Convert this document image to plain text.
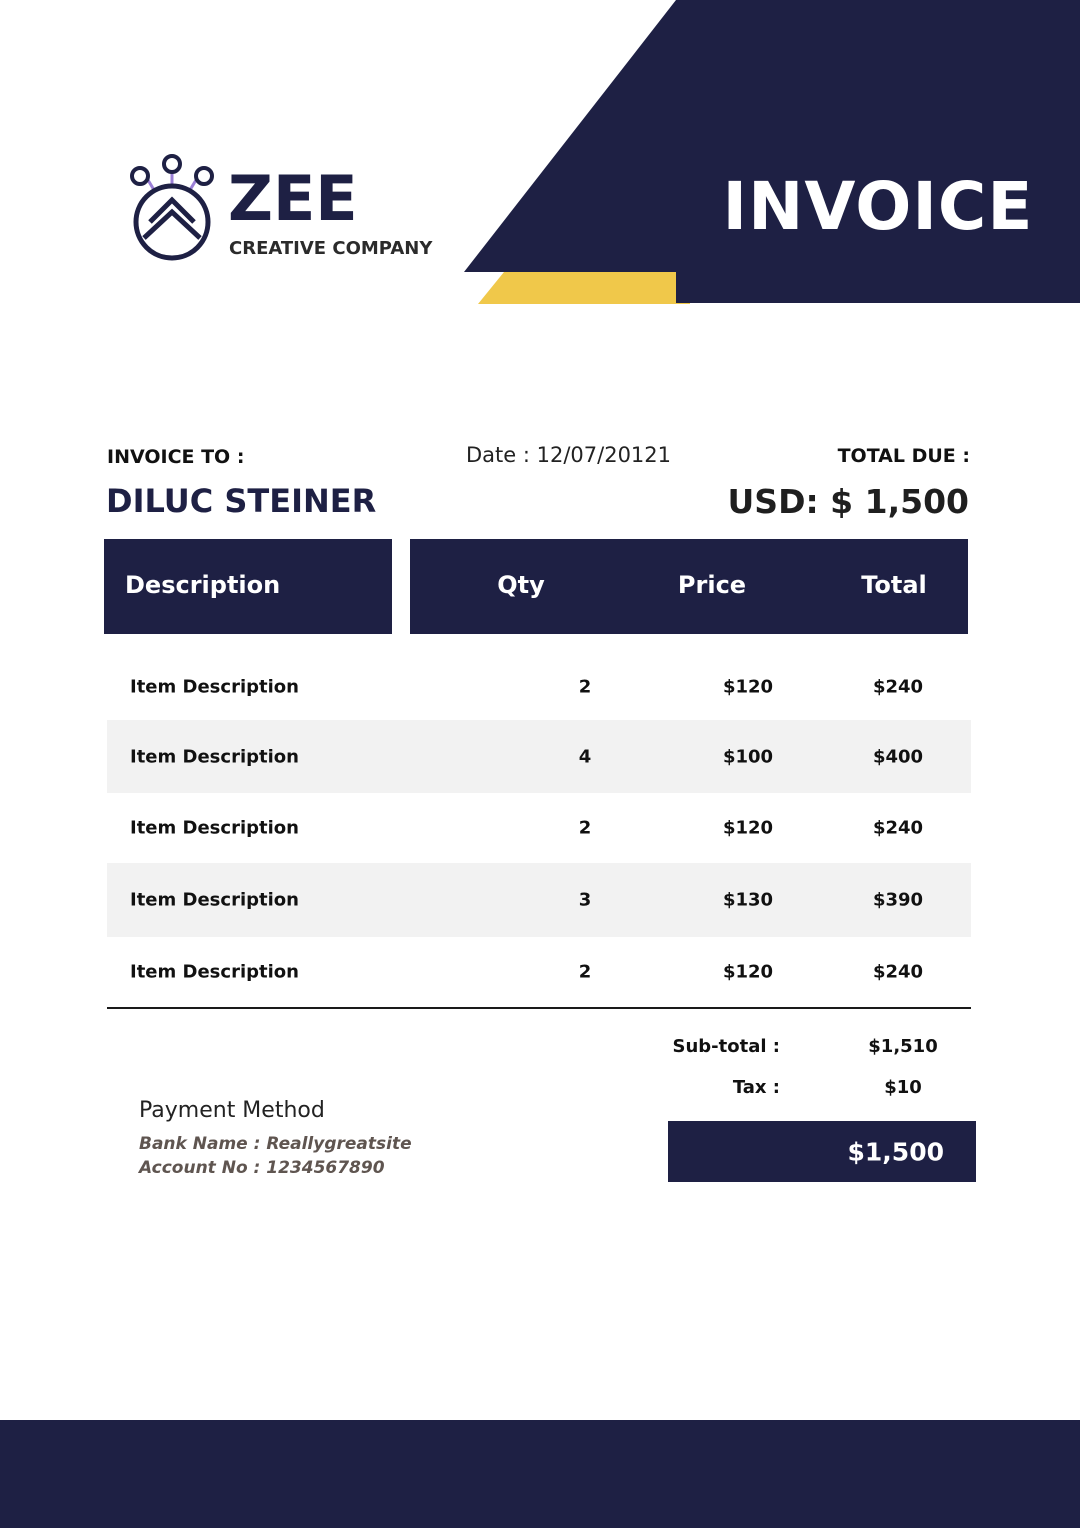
INVOICE
ZEE
CREATIVE COMPANY
INVOICE TO :
DILUC STEINER
Date : 12/07/20121	TOTAL DUE :
USD: $ 1,500
Description	Qty	Price	Total
Item Description	2	$120	$240
Item Description	4	$100	$400
Item Description	2	$120	$240
Item Description	3	$130	$390
Item Description	2	$120	$240
Sub-total :	$1,510
Tax :	$10
$1,500
Payment Method
Bank Name : Reallygreatsite
Account No : 1234567890
